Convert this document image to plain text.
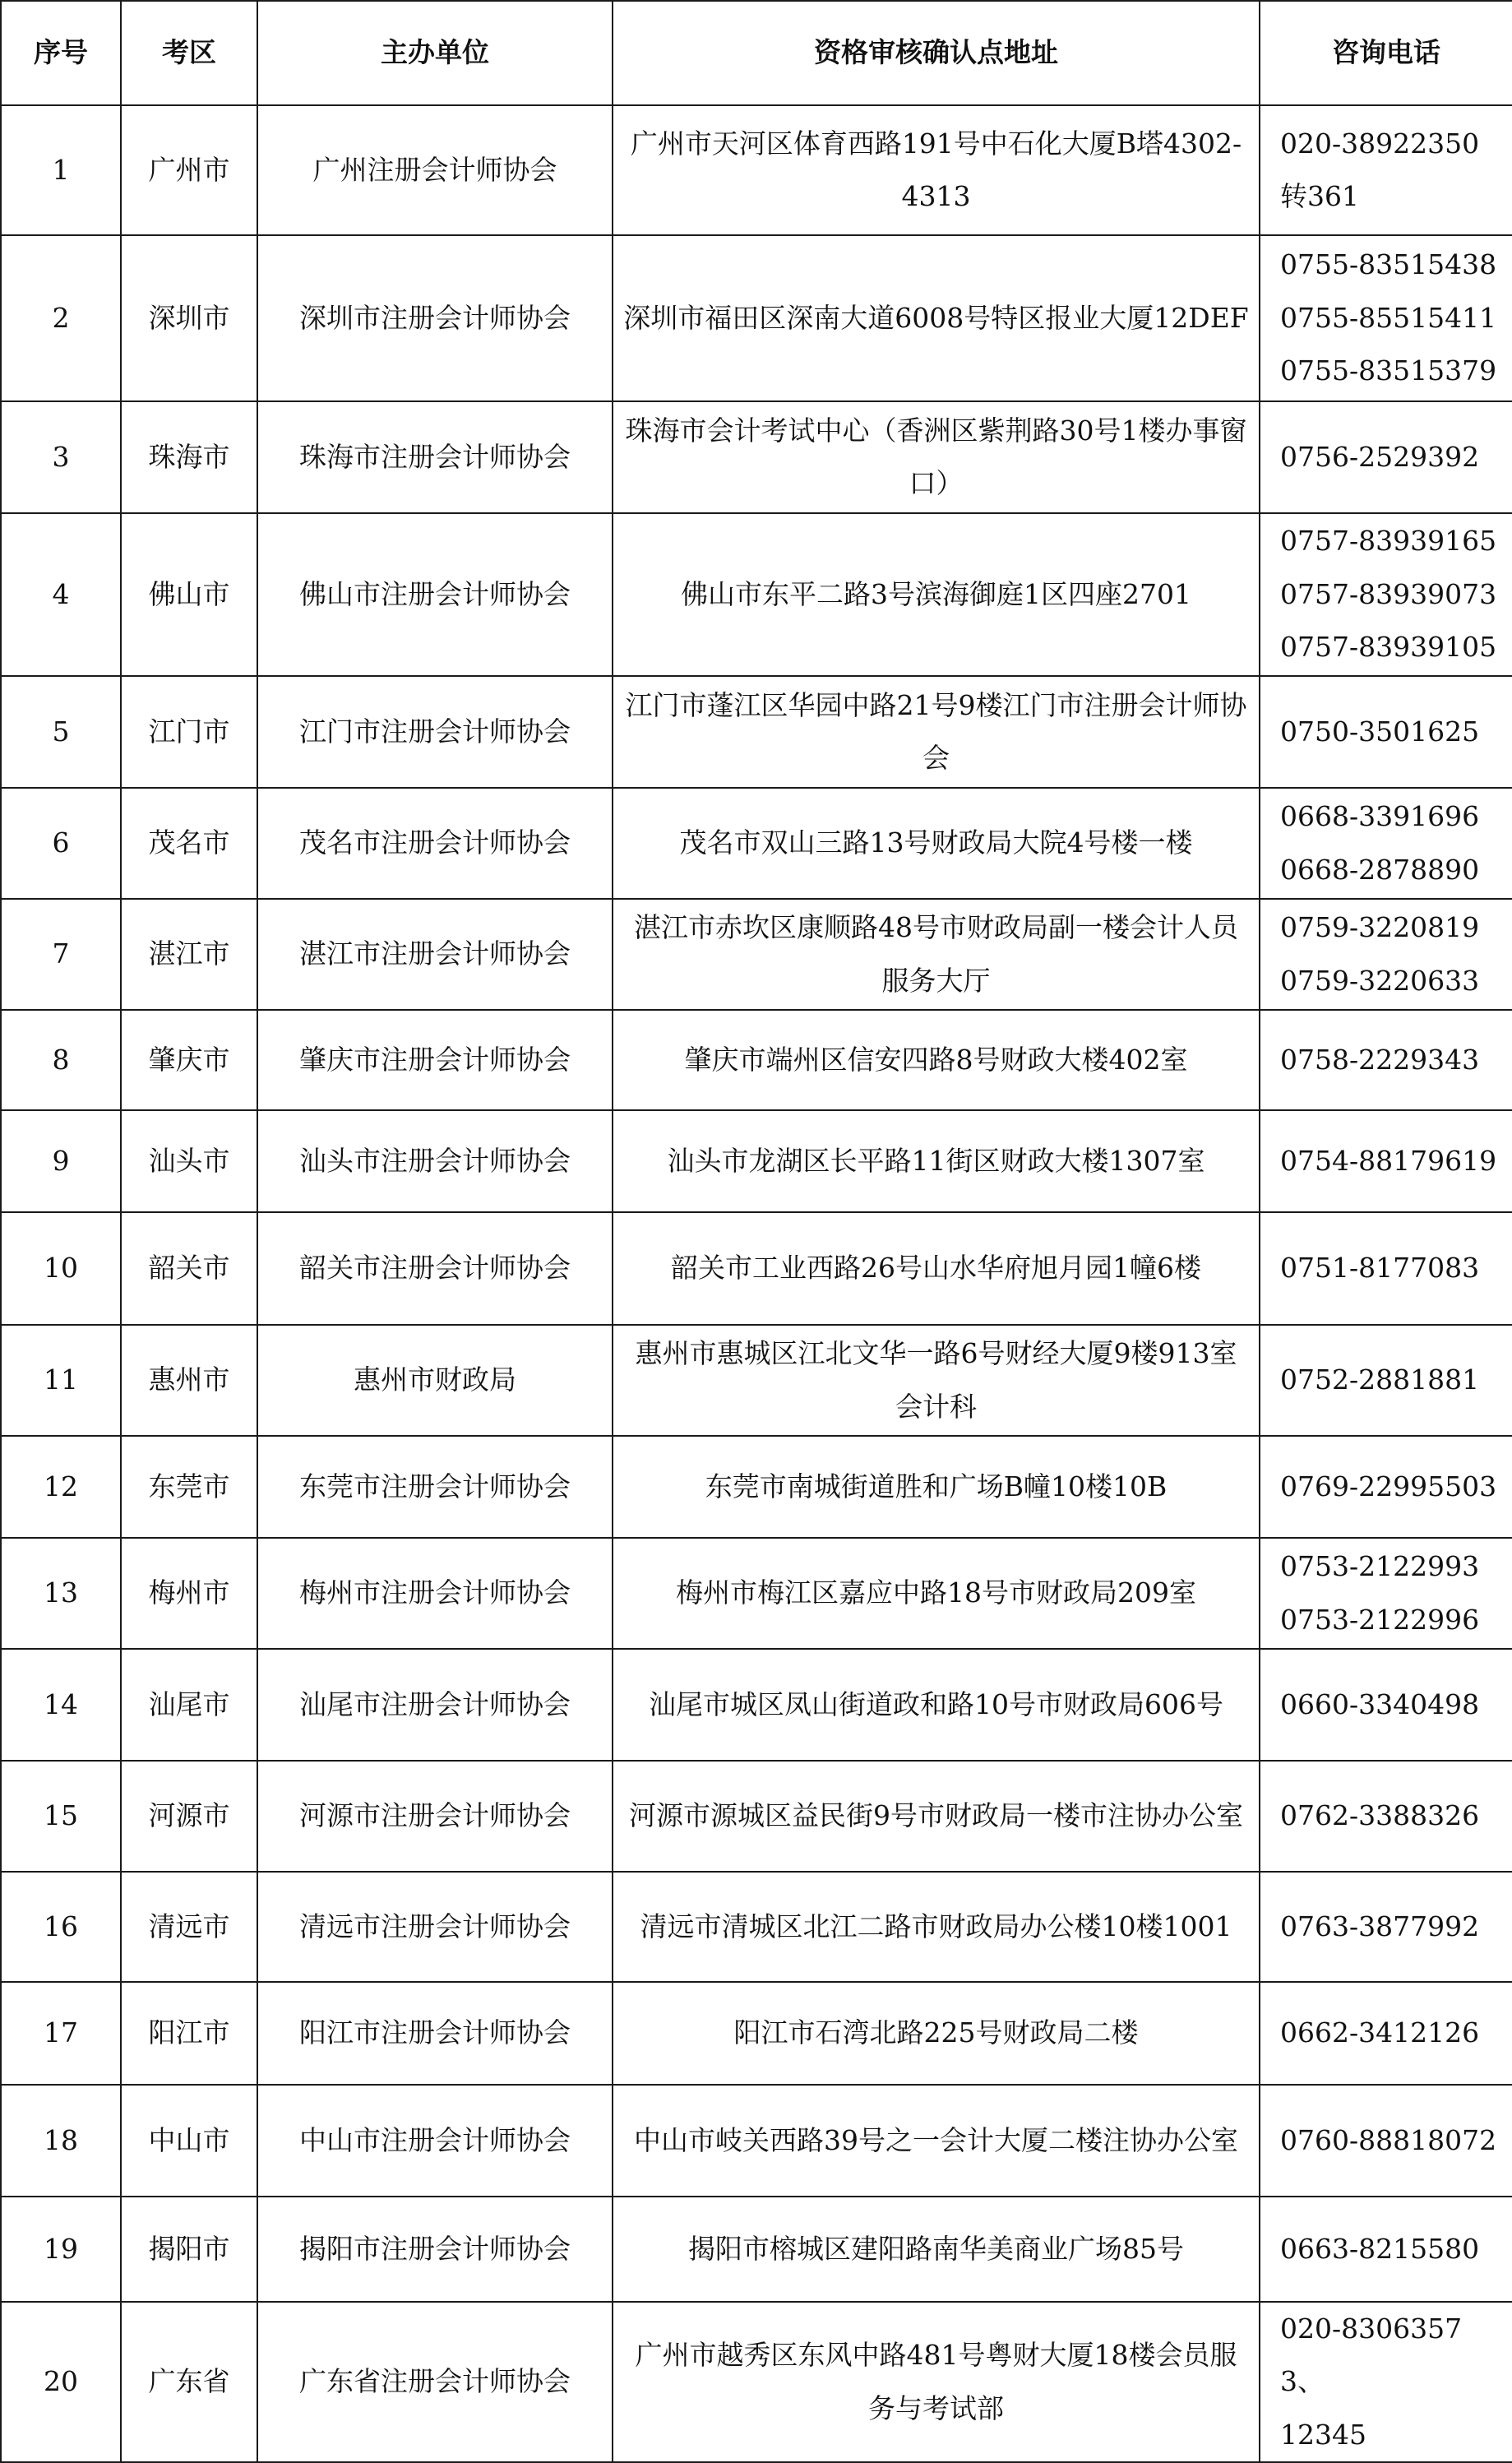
序号	考区	主办单位	资格审核确认点地址	咨询电话
1	广州市	广州注册会计师协会	广州市天河区体育西路191号中石化大厦B塔4302-4313	020-38922350
转361

2	深圳市	深圳市注册会计师协会	深圳市福田区深南大道6008号特区报业大厦12DEF	0755-83515438
0755-85515411
0755-83515379

3	珠海市	珠海市注册会计师协会	珠海市会计考试中心（香洲区紫荆路30号1楼办事窗口）	0756-2529392

4	佛山市	佛山市注册会计师协会	佛山市东平二路3号滨海御庭1区四座2701	0757-83939165
0757-83939073
0757-83939105

5	江门市	江门市注册会计师协会	江门市蓬江区华园中路21号9楼江门市注册会计师协会	0750-3501625

6	茂名市	茂名市注册会计师协会	茂名市双山三路13号财政局大院4号楼一楼	0668-3391696
0668-2878890

7	湛江市	湛江市注册会计师协会	湛江市赤坎区康顺路48号市财政局副一楼会计人员服务大厅	0759-3220819
0759-3220633

8	肇庆市	肇庆市注册会计师协会	肇庆市端州区信安四路8号财政大楼402室	0758-2229343

9	汕头市	汕头市注册会计师协会	汕头市龙湖区长平路11街区财政大楼1307室	0754-88179619

10	韶关市	韶关市注册会计师协会	韶关市工业西路26号山水华府旭月园1幢6楼	0751-8177083

11	惠州市	惠州市财政局	惠州市惠城区江北文华一路6号财经大厦9楼913室会计科	0752-2881881

12	东莞市	东莞市注册会计师协会	东莞市南城街道胜和广场B幢10楼10B	0769-22995503

13	梅州市	梅州市注册会计师协会	梅州市梅江区嘉应中路18号市财政局209室	0753-2122993
0753-2122996

14	汕尾市	汕尾市注册会计师协会	汕尾市城区凤山街道政和路10号市财政局606号	0660-3340498

15	河源市	河源市注册会计师协会	河源市源城区益民街9号市财政局一楼市注协办公室	0762-3388326

16	清远市	清远市注册会计师协会	清远市清城区北江二路市财政局办公楼10楼1001	0763-3877992

17	阳江市	阳江市注册会计师协会	阳江市石湾北路225号财政局二楼	0662-3412126

18	中山市	中山市注册会计师协会	中山市岐关西路39号之一会计大厦二楼注协办公室	0760-88818072

19	揭阳市	揭阳市注册会计师协会	揭阳市榕城区建阳路南华美商业广场85号	0663-8215580

20	广东省	广东省注册会计师协会	广州市越秀区东风中路481号粤财大厦18楼会员服务与考试部	020-83063573、
12345
